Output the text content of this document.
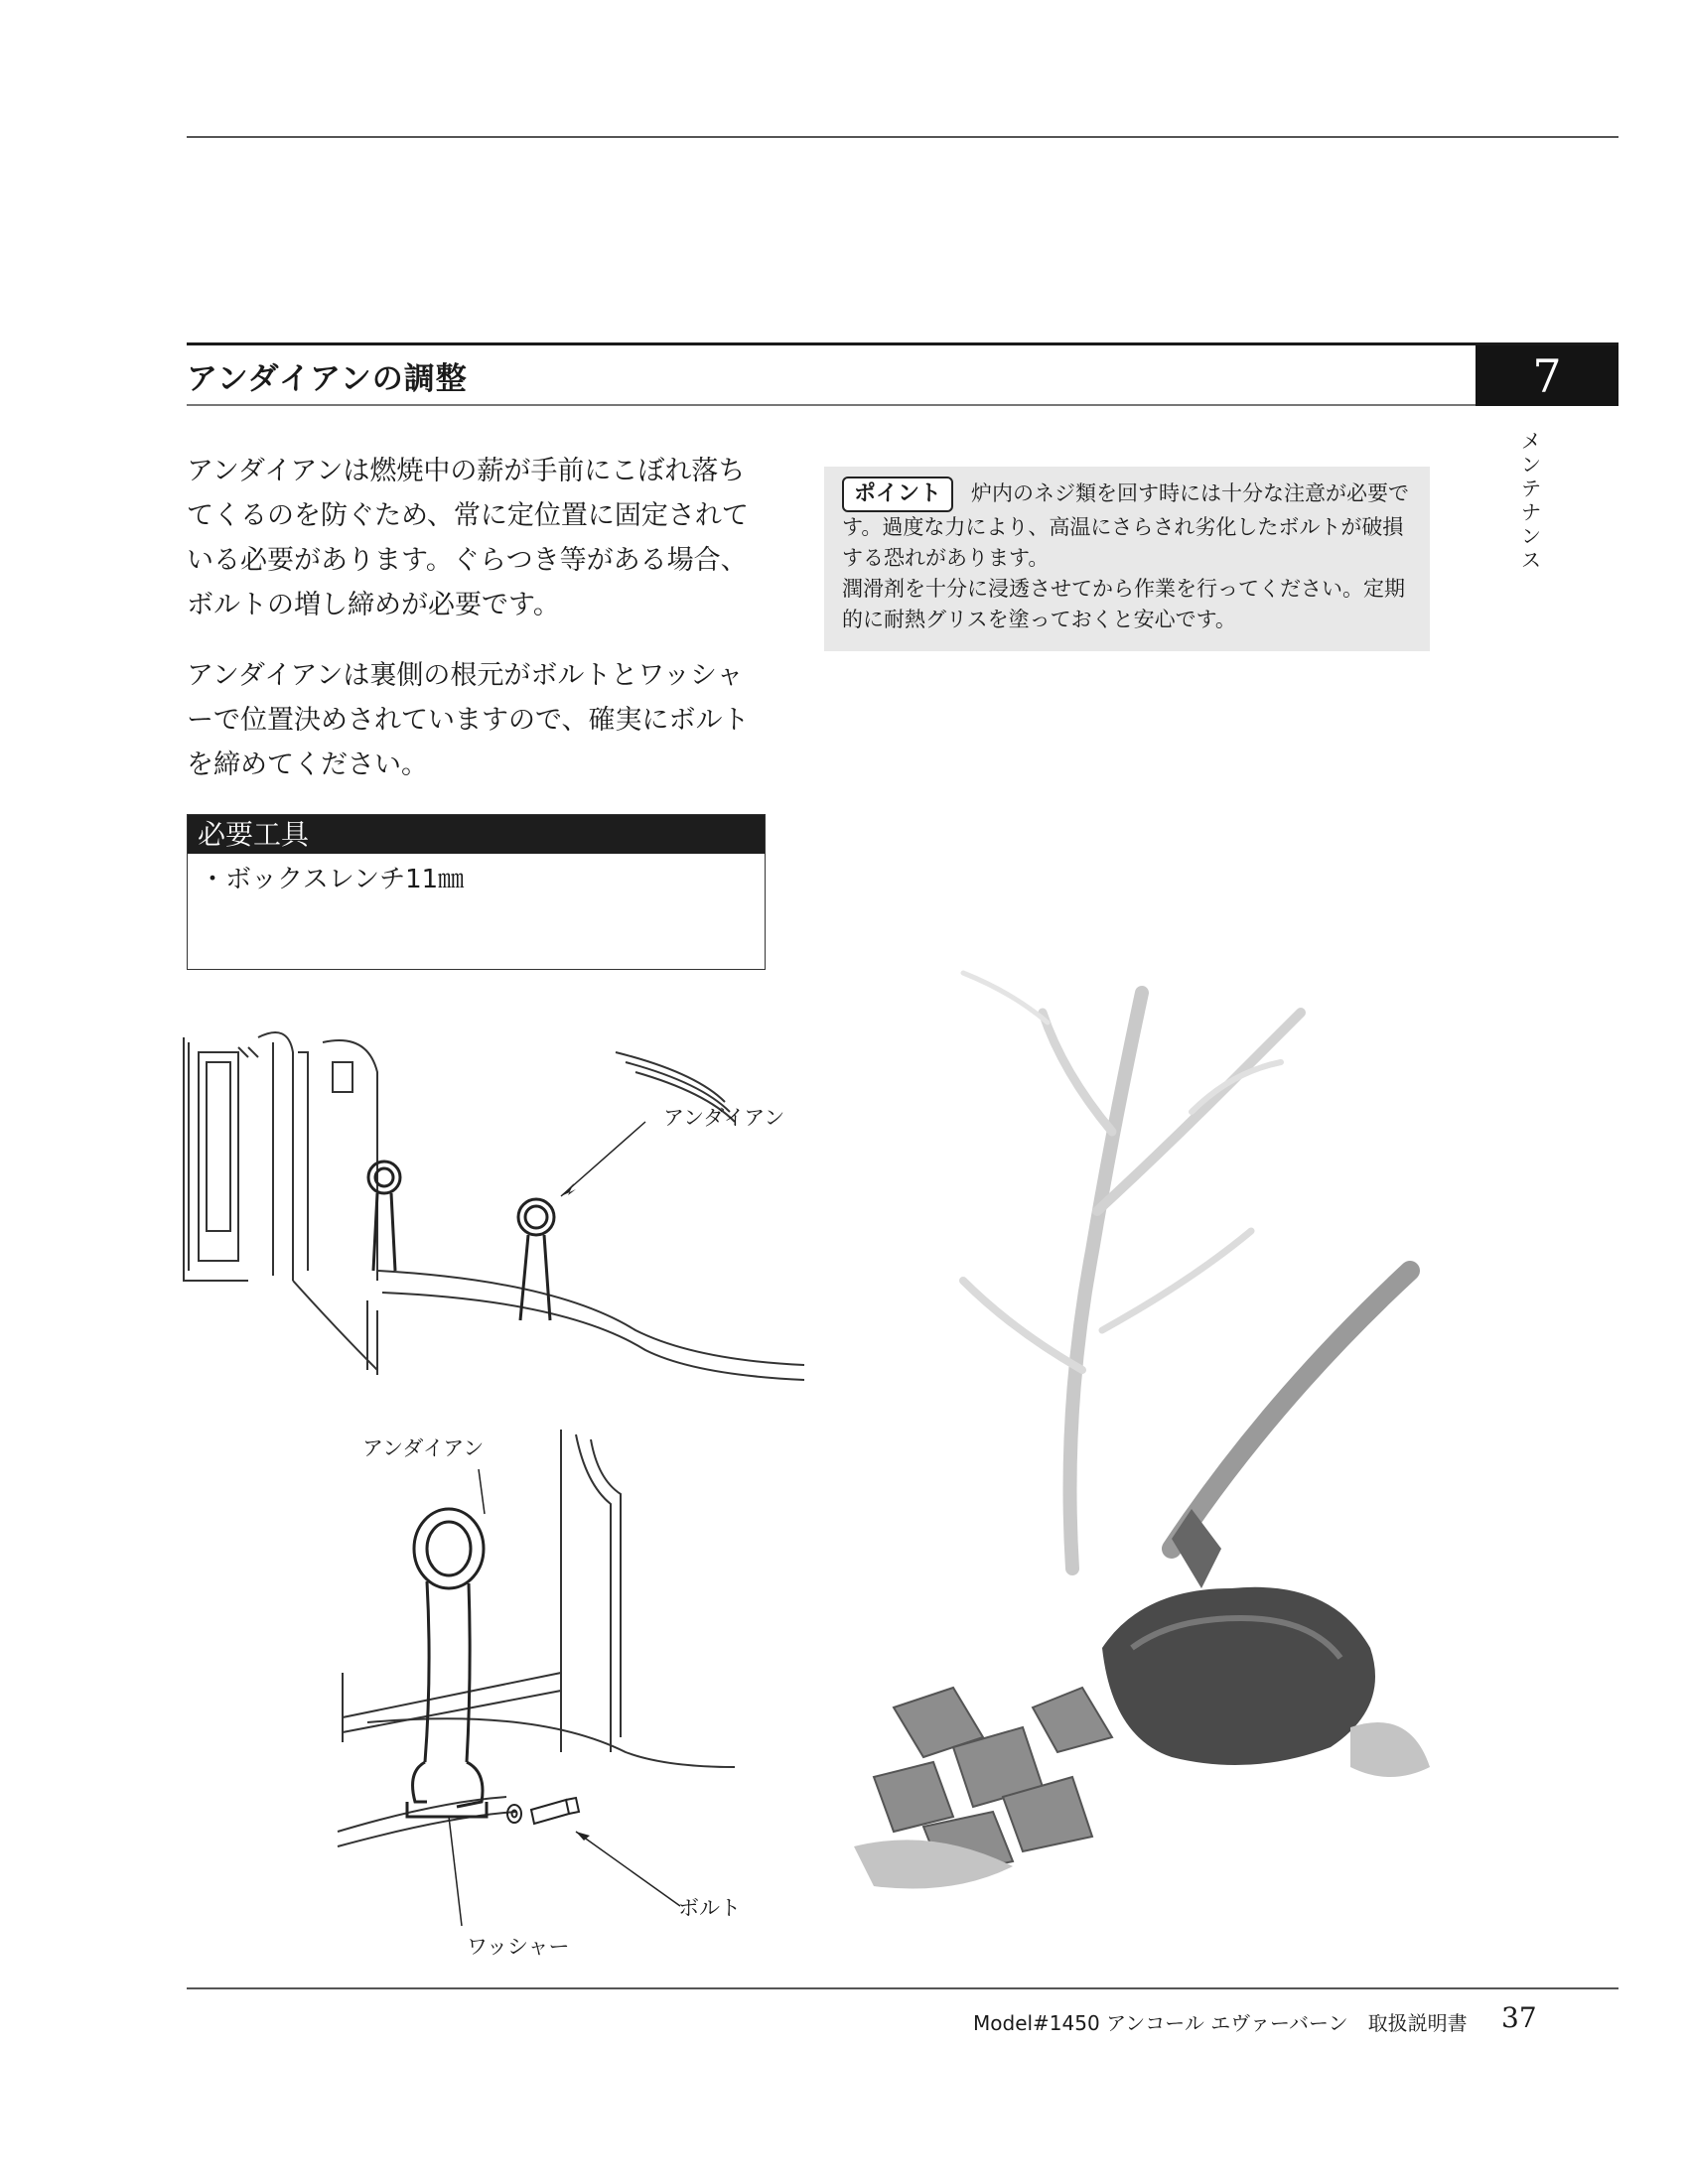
アンダイアンの調整	7
メンテナンス
アンダイアンは燃焼中の薪が手前にこぼれ落ちてくるのを防ぐため、常に定位置に固定されている必要があります。ぐらつき等がある場合、ボルトの増し締めが必要です。
アンダイアンは裏側の根元がボルトとワッシャーで位置決めされていますので、確実にボルトを締めてください。
必要工具
・ボックスレンチ11㎜
ポイント 炉内のネジ類を回す時には十分な注意が必要です。過度な力により、高温にさらされ劣化したボルトが破損する恐れがあります。
潤滑剤を十分に浸透させてから作業を行ってください。定期的に耐熱グリスを塗っておくと安心です。
アンダイアン
アンダイアン
ボルト
ワッシャー
Model#1450 アンコール エヴァーバーン　取扱説明書 37
